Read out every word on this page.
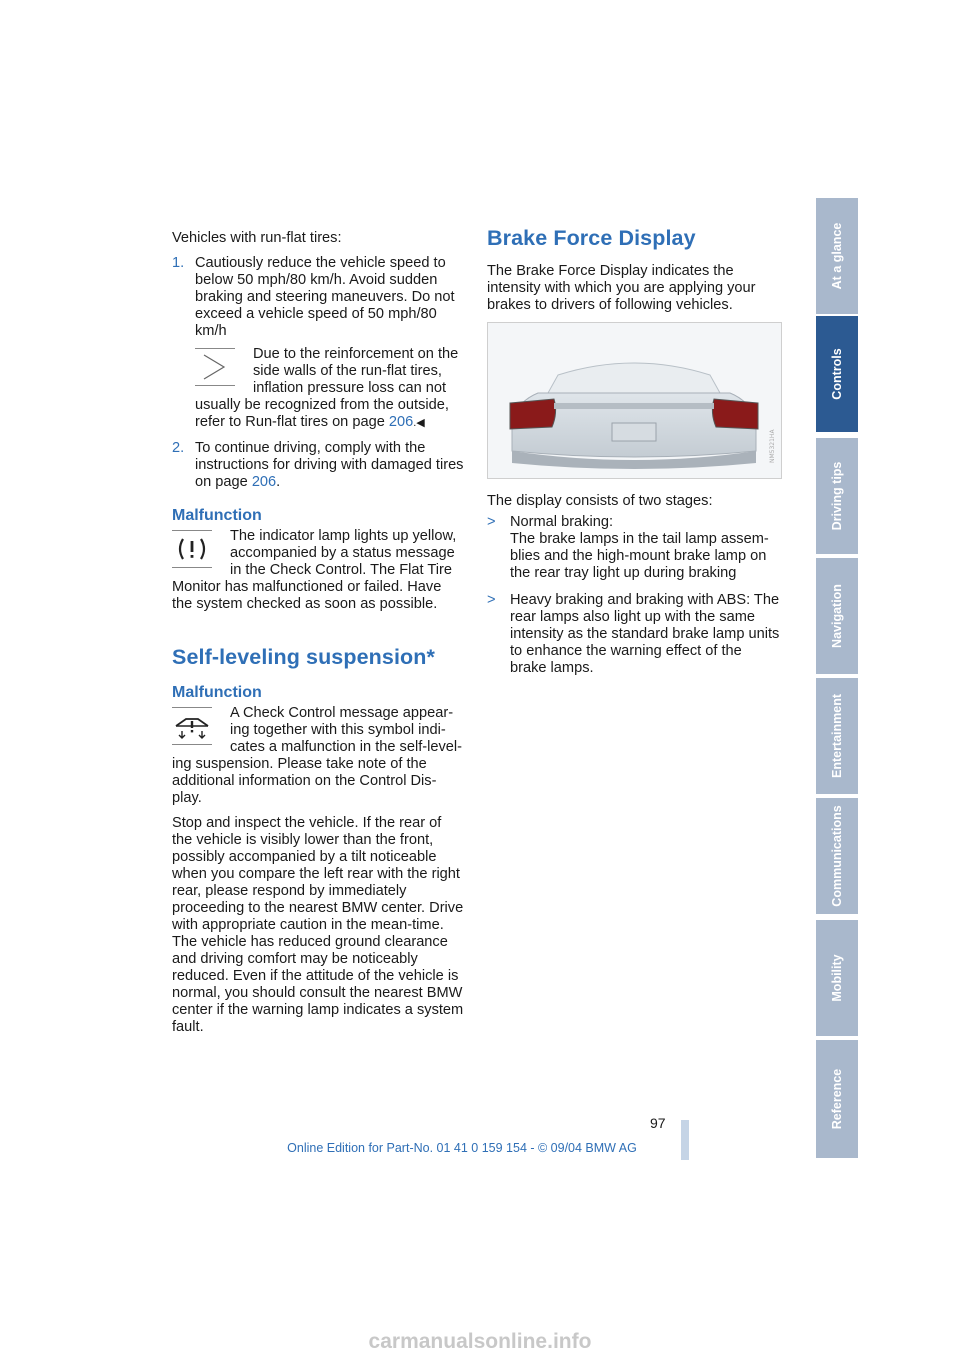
Vehicles with run-flat tires:

1. Cautiously reduce the vehicle speed to below 50 mph/80 km/h. Avoid sudden braking and steering maneuvers. Do not exceed a vehicle speed of 50 mph/80 km/h
Due to the reinforcement on the side walls of the run-flat tires, inflation pressure loss can not usually be recognized from the outside, refer to Run-flat tires on page 206.◀
2. To continue driving, comply with the instructions for driving with damaged tires on page 206.
Malfunction
The indicator lamp lights up yellow, accompanied by a status message in the Check Control. The Flat Tire Monitor has malfunctioned or failed. Have the system checked as soon as possible.
Self-leveling suspension*
Malfunction
A Check Control message appear-ing together with this symbol indi-cates a malfunction in the self-level-ing suspension. Please take note of the additional information on the Control Dis-play.

Stop and inspect the vehicle. If the rear of the vehicle is visibly lower than the front, possibly accompanied by a tilt noticeable when you compare the left rear with the right rear, please respond by immediately proceeding to the nearest BMW center. Drive with appropriate caution in the mean-time. The vehicle has reduced ground clearance and driving comfort may be noticeably reduced. Even if the attitude of the vehicle is normal, you should consult the nearest BMW center if the warning lamp indicates a system fault.

Brake Force Display

The Brake Force Display indicates the intensity with which you are applying your brakes to drivers of following vehicles.

NM5321HA

The display consists of two stages:

> Normal braking:
The brake lamps in the tail lamp assem-blies and the high-mount brake lamp on the rear tray light up during braking
> Heavy braking and braking with ABS: The rear lamps also light up with the same intensity as the standard brake lamp units to enhance the warning effect of the brake lamps.
At a glance
Controls
Driving tips
Navigation
Entertainment
Communications
Mobility
Reference
97
Online Edition for Part-No. 01 41 0 159 154 - © 09/04 BMW AG
carmanualsonline.info
